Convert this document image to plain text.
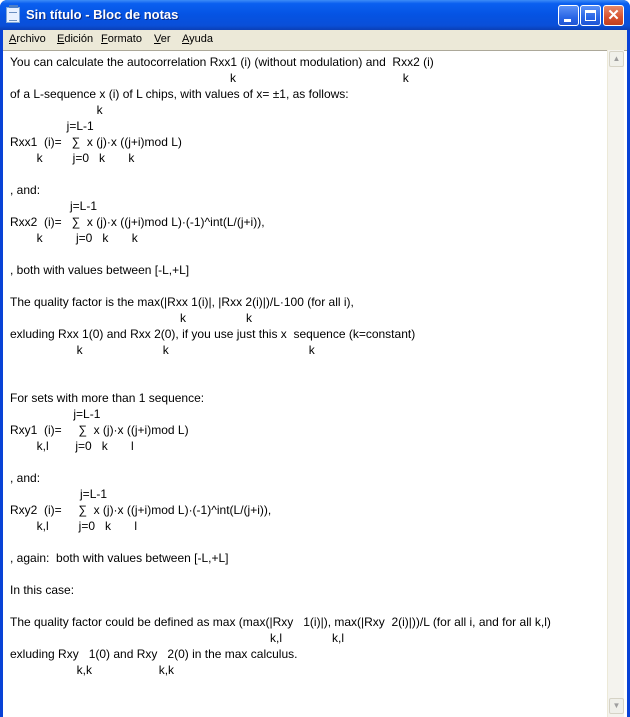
Sin título - Bloc de notas	✕
Archivo Edición Formato Ver Ayuda
You can calculate the autocorrelation Rxx1 (i) (without modulation) and  Rxx2 (i)
k                                                  k
of a L-sequence x (i) of L chips, with values of x= ±1, as follows:
k
j=L-1
Rxx1  (i)=   ∑  x (j)·x ((j+i)mod L)
k         j=0   k       k

, and:
j=L-1
Rxx2  (i)=   ∑  x (j)·x ((j+i)mod L)·(-1)^int(L/(j+i)),
k          j=0   k       k

, both with values between [-L,+L]

The quality factor is the max(|Rxx 1(i)|, |Rxx 2(i)|)/L·100 (for all i),
k                  k
exluding Rxx 1(0) and Rxx 2(0), if you use just this x  sequence (k=constant)
k                        k                                          k

For sets with more than 1 sequence:
j=L-1
Rxy1  (i)=     ∑  x (j)·x ((j+i)mod L)
k,l        j=0   k       l

, and:
j=L-1
Rxy2  (i)=     ∑  x (j)·x ((j+i)mod L)·(-1)^int(L/(j+i)),
k,l         j=0   k       l

, again:  both with values between [-L,+L]

In this case:

The quality factor could be defined as max (max(|Rxy   1(i)|), max(|Rxy  2(i)|))/L (for all i, and for all k,l)
k,l               k,l
exluding Rxy   1(0) and Rxy   2(0) in the max calculus.
k,k                    k,k
▲
▼
